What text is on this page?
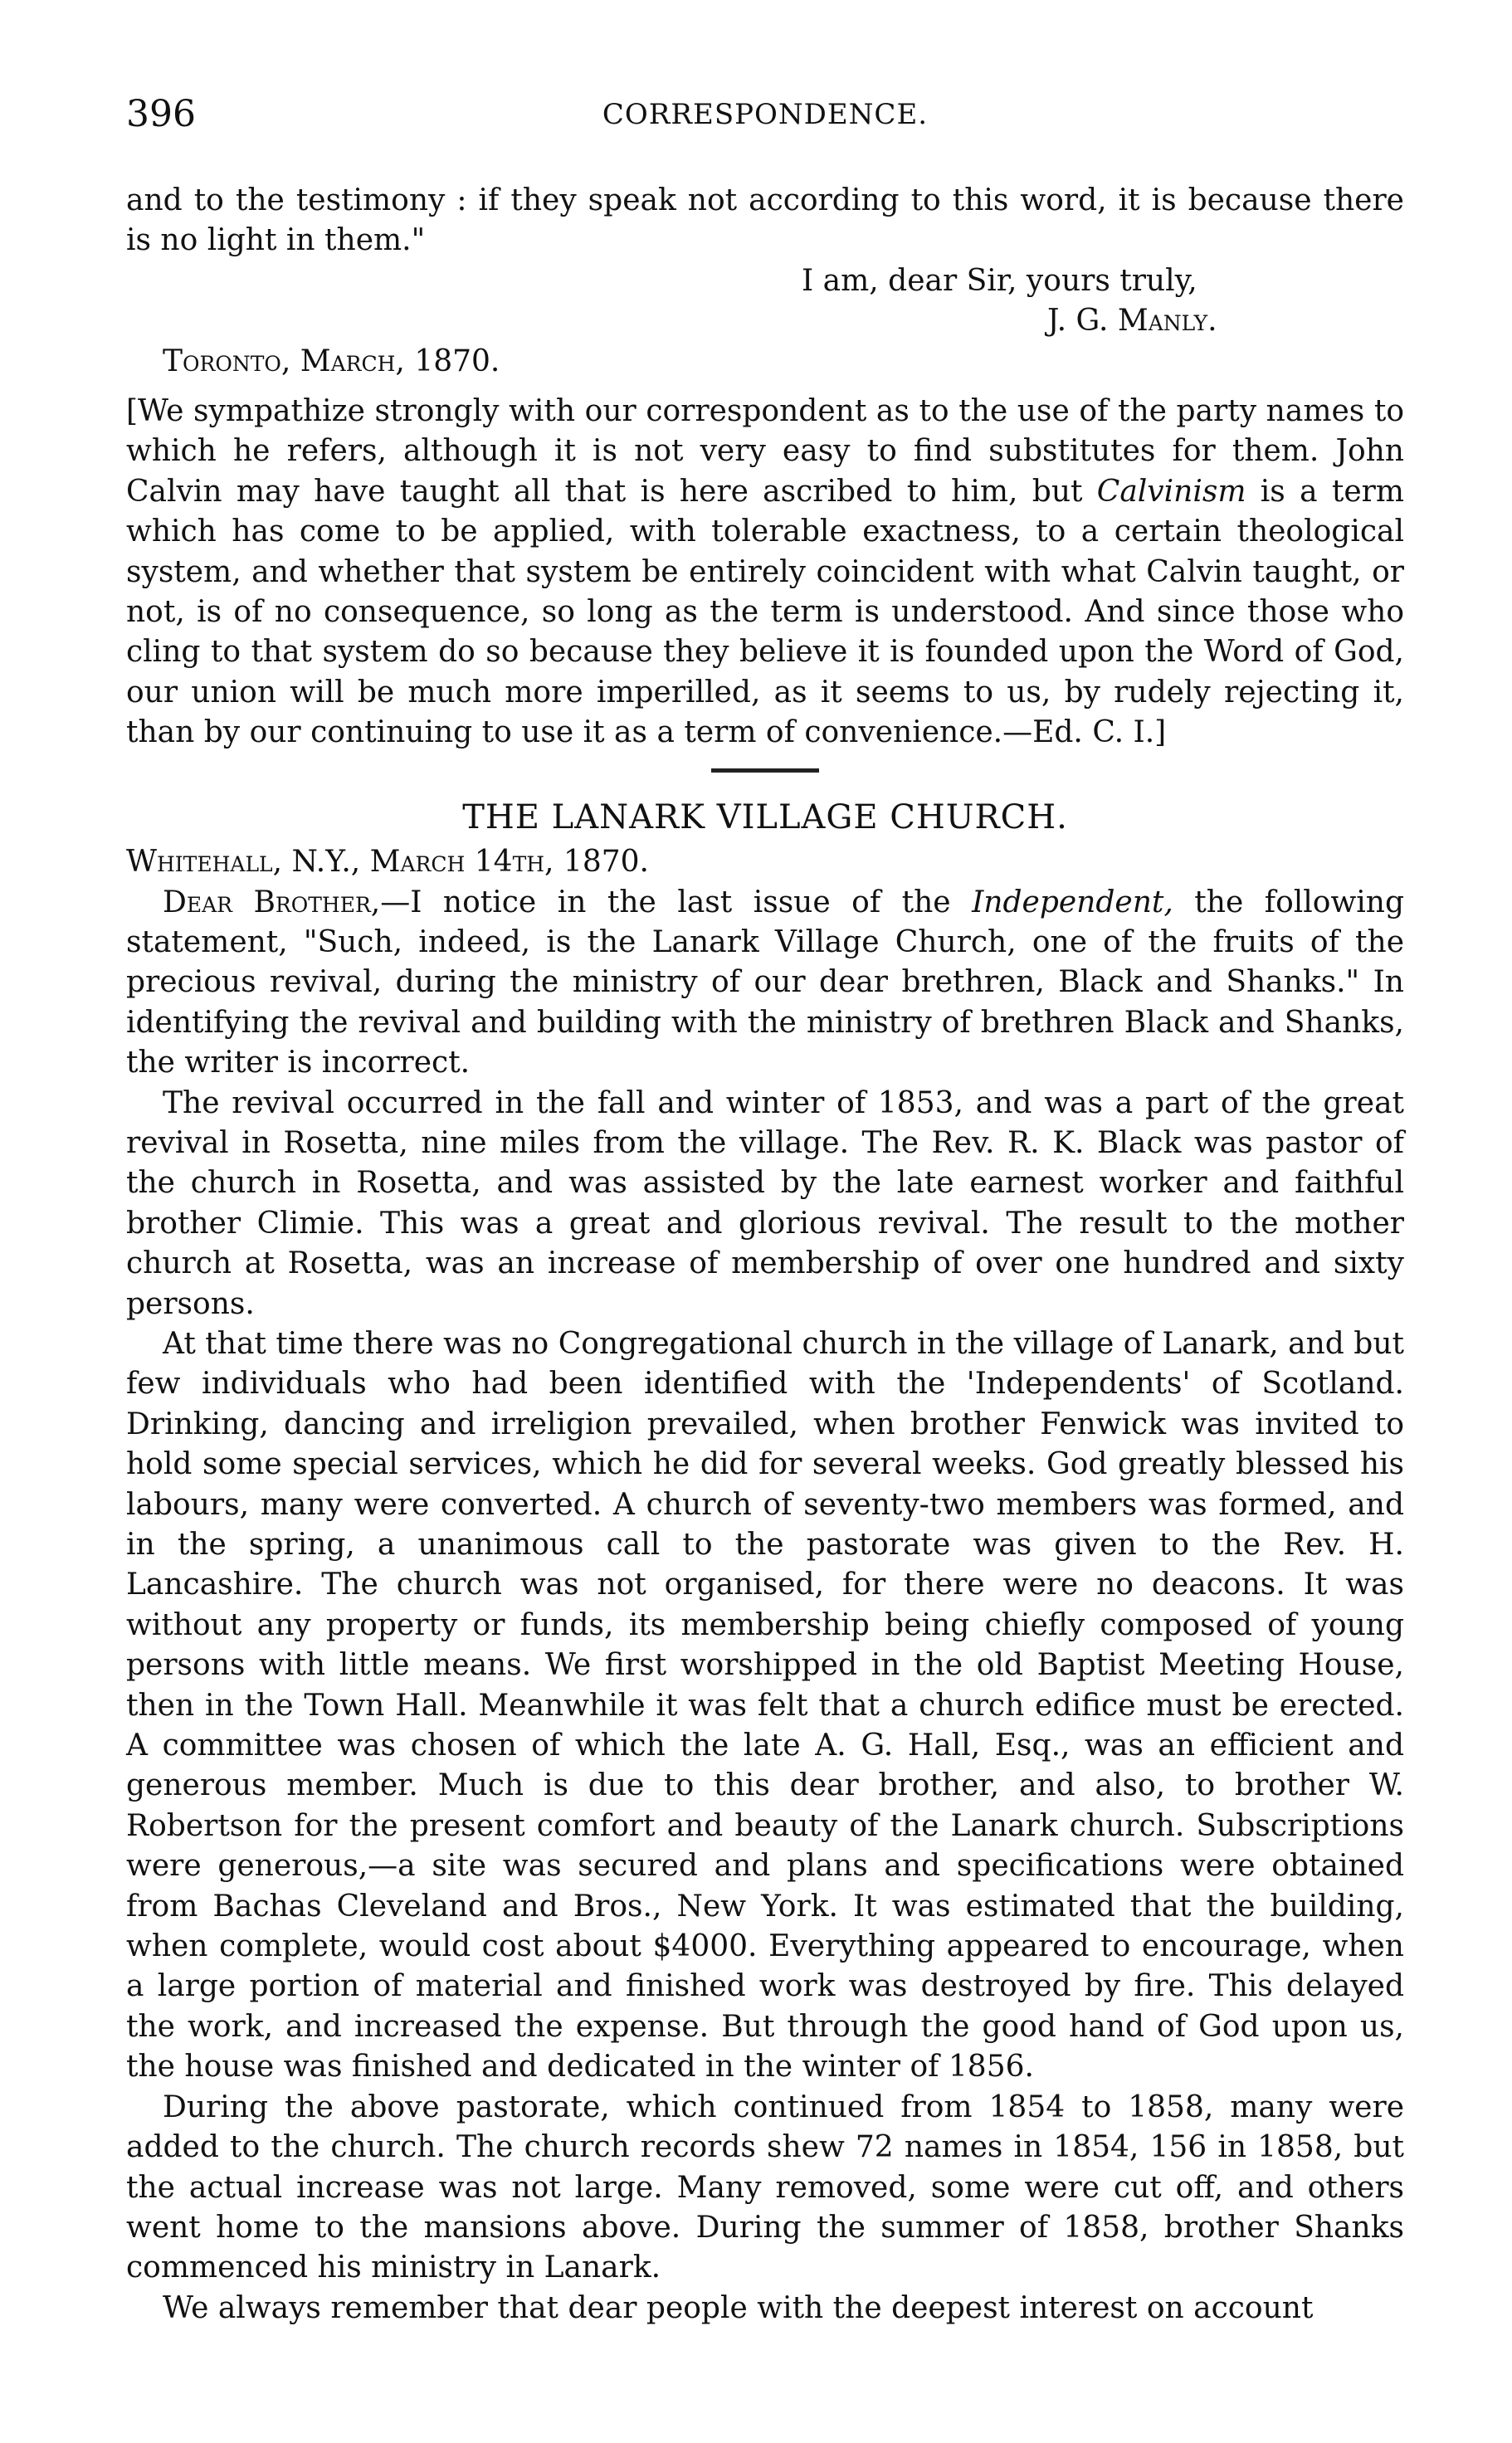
396	CORRESPONDENCE.

and to the testimony : if they speak not according to this word, it is because there is no light in them."

I am, dear Sir, yours truly,

J. G. Manly.

Toronto, March, 1870.

[We sympathize strongly with our correspondent as to the use of the party names to which he refers, although it is not very easy to find substitutes for them. John Calvin may have taught all that is here ascribed to him, but Calvinism is a term which has come to be applied, with tolerable exactness, to a certain theological system, and whether that system be entirely coincident with what Calvin taught, or not, is of no consequence, so long as the term is understood. And since those who cling to that system do so because they believe it is founded upon the Word of God, our union will be much more imperilled, as it seems to us, by rudely rejecting it, than by our continuing to use it as a term of convenience.—Ed. C. I.]

THE LANARK VILLAGE CHURCH.

Whitehall, N.Y., March 14th, 1870.

Dear Brother,—I notice in the last issue of the Independent, the following statement, "Such, indeed, is the Lanark Village Church, one of the fruits of the precious revival, during the ministry of our dear brethren, Black and Shanks." In identifying the revival and building with the ministry of brethren Black and Shanks, the writer is incorrect.

The revival occurred in the fall and winter of 1853, and was a part of the great revival in Rosetta, nine miles from the village. The Rev. R. K. Black was pastor of the church in Rosetta, and was assisted by the late earnest worker and faithful brother Climie. This was a great and glorious revival. The result to the mother church at Rosetta, was an increase of membership of over one hundred and sixty persons.

At that time there was no Congregational church in the village of Lanark, and but few individuals who had been identified with the 'Independents' of Scotland. Drinking, dancing and irreligion prevailed, when brother Fenwick was invited to hold some special services, which he did for several weeks. God greatly blessed his labours, many were converted. A church of seventy-two members was formed, and in the spring, a unanimous call to the pastorate was given to the Rev. H. Lancashire. The church was not organised, for there were no deacons. It was without any property or funds, its membership being chiefly composed of young persons with little means. We first worshipped in the old Baptist Meeting House, then in the Town Hall. Meanwhile it was felt that a church edifice must be erected. A committee was chosen of which the late A. G. Hall, Esq., was an efficient and generous member. Much is due to this dear brother, and also, to brother W. Robertson for the present comfort and beauty of the Lanark church. Subscriptions were generous,—a site was secured and plans and specifications were obtained from Bachas Cleveland and Bros., New York. It was estimated that the building, when complete, would cost about $4000. Everything appeared to encourage, when a large portion of material and finished work was destroyed by fire. This delayed the work, and increased the expense. But through the good hand of God upon us, the house was finished and dedicated in the winter of 1856.

During the above pastorate, which continued from 1854 to 1858, many were added to the church. The church records shew 72 names in 1854, 156 in 1858, but the actual increase was not large. Many removed, some were cut off, and others went home to the mansions above. During the summer of 1858, brother Shanks commenced his ministry in Lanark.

We always remember that dear people with the deepest interest on account
